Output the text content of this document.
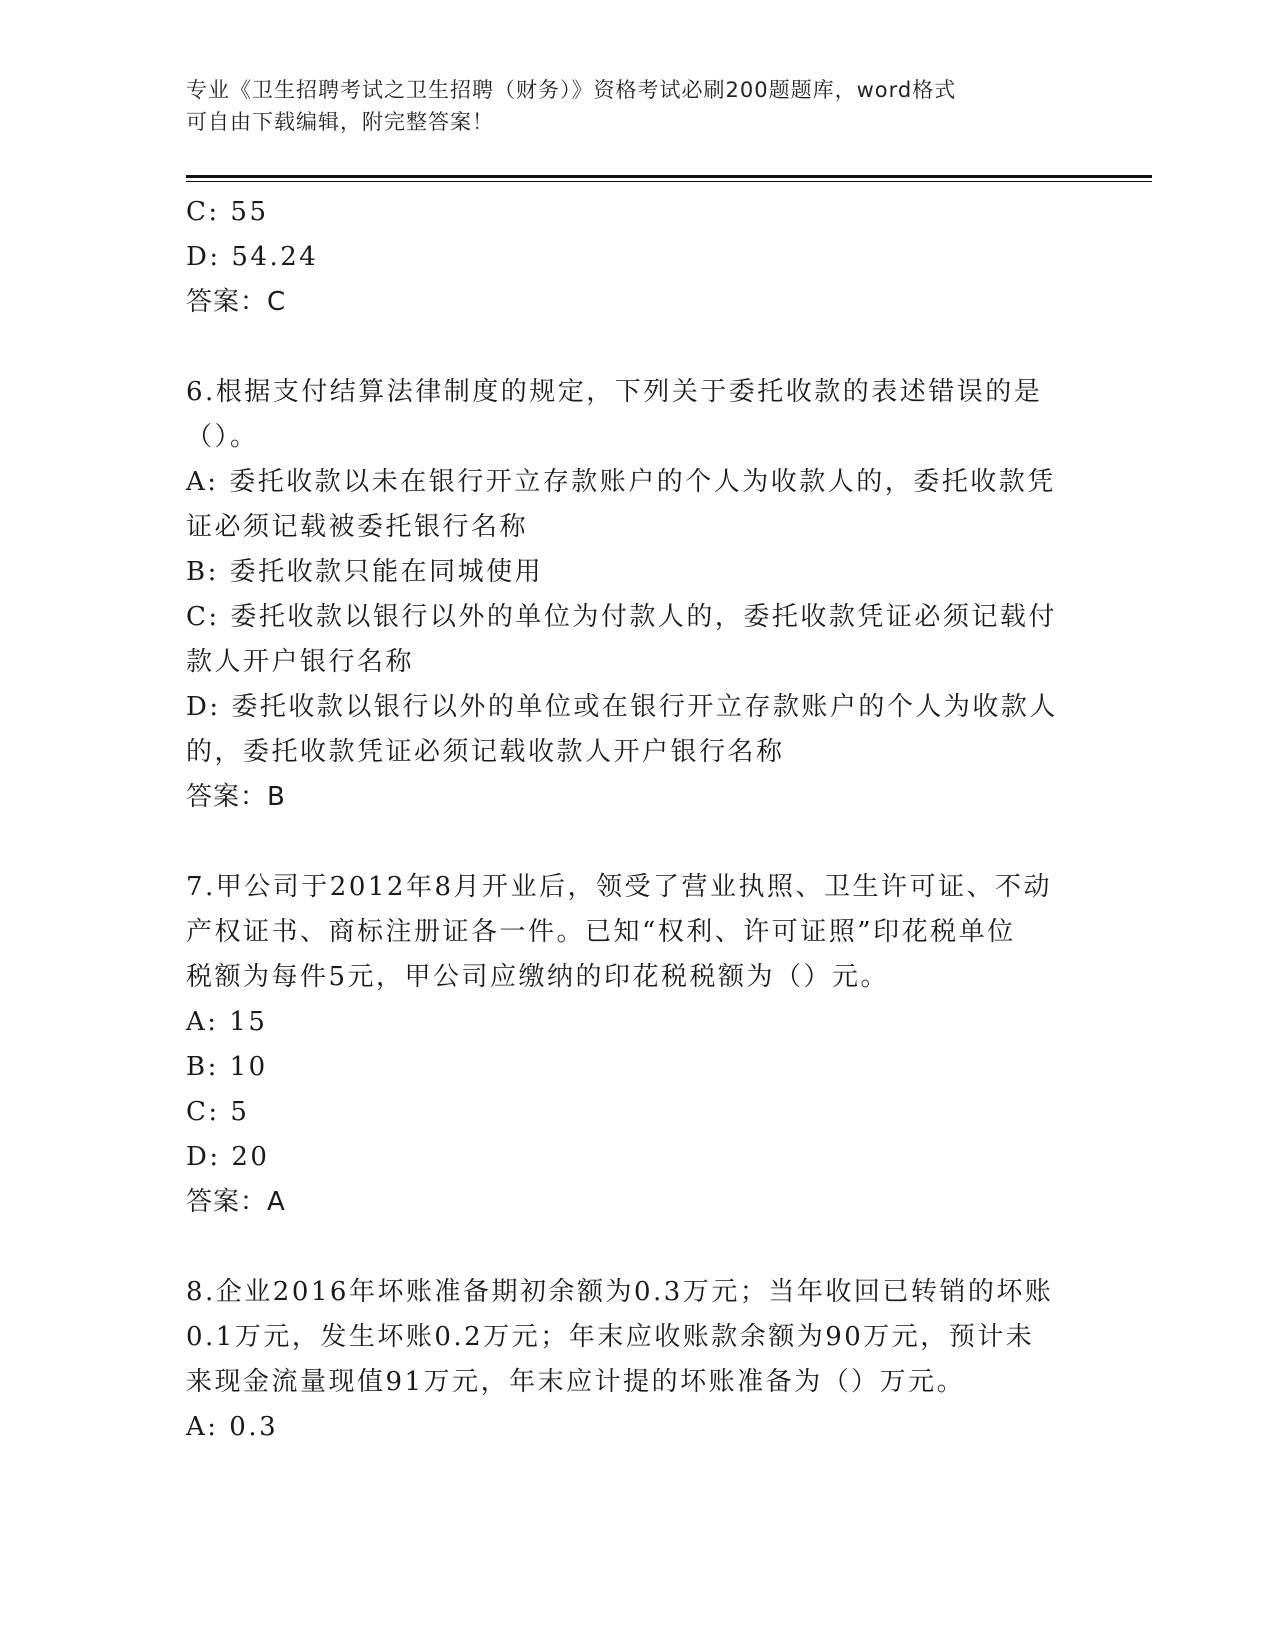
专业《卫生招聘考试之卫生招聘（财务）》资格考试必刷200题题库，word格式
可自由下载编辑，附完整答案！
C: 55
D: 54.24
答案：C
6.根据支付结算法律制度的规定，下列关于委托收款的表述错误的是
（）。
A: 委托收款以未在银行开立存款账户的个人为收款人的，委托收款凭
证必须记载被委托银行名称
B: 委托收款只能在同城使用
C: 委托收款以银行以外的单位为付款人的，委托收款凭证必须记载付
款人开户银行名称
D: 委托收款以银行以外的单位或在银行开立存款账户的个人为收款人
的，委托收款凭证必须记载收款人开户银行名称
答案：B
7.甲公司于2012年8月开业后，领受了营业执照、卫生许可证、不动
产权证书、商标注册证各一件。已知“权利、许可证照”印花税单位
税额为每件5元，甲公司应缴纳的印花税税额为（）元。
A: 15
B: 10
C: 5
D: 20
答案：A
8.企业2016年坏账准备期初余额为0.3万元；当年收回已转销的坏账
0.1万元，发生坏账0.2万元；年末应收账款余额为90万元，预计未
来现金流量现值91万元，年末应计提的坏账准备为（）万元。
A: 0.3
